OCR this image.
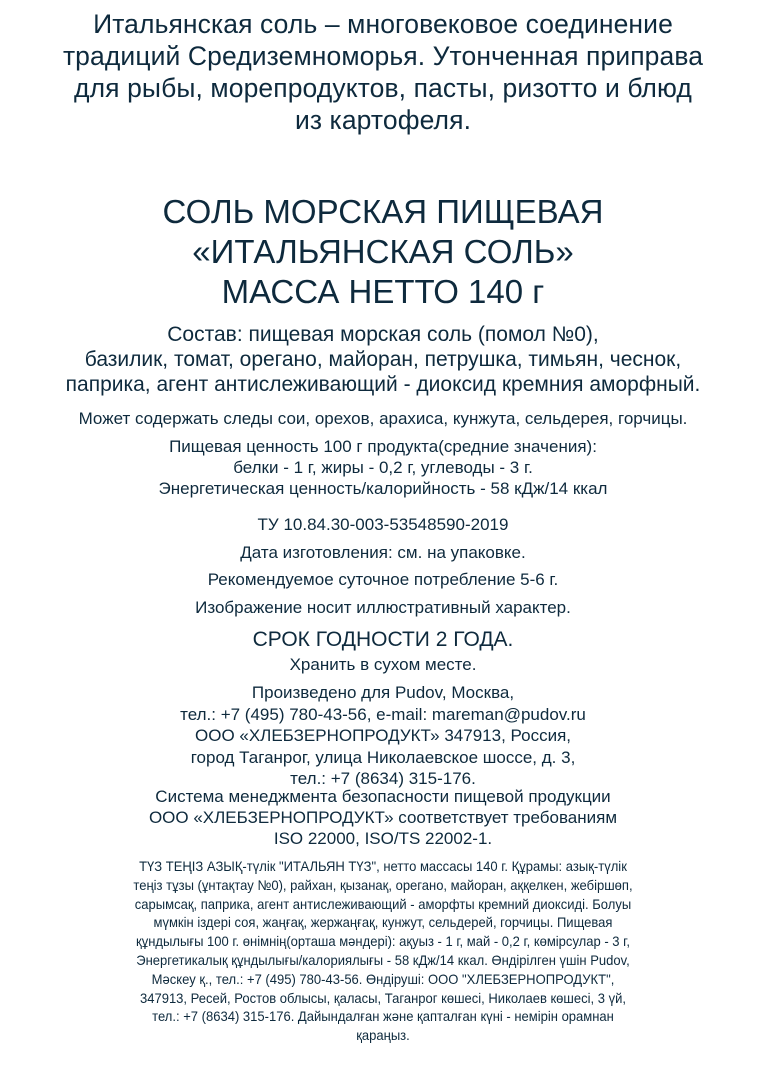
Итальянская соль – многовековое соединение
традиций Средиземноморья. Утонченная приправа
для рыбы, морепродуктов, пасты, ризотто и блюд
из картофеля.
СОЛЬ МОРСКАЯ ПИЩЕВАЯ
«ИТАЛЬЯНСКАЯ СОЛЬ»
МАССА НЕТТО 140 г
Состав: пищевая морская соль (помол №0),
базилик, томат, орегано, майоран, петрушка, тимьян, чеснок,
паприка, агент антислеживающий - диоксид кремния аморфный.
Может содержать следы сои, орехов, арахиса, кунжута, сельдерея, горчицы.
Пищевая ценность 100 г продукта(средние значения):
белки - 1 г, жиры - 0,2 г, углеводы - 3 г.
Энергетическая ценность/калорийность - 58 кДж/14 ккал
ТУ 10.84.30-003-53548590-2019
Дата изготовления: см. на упаковке.
Рекомендуемое суточное потребление 5-6 г.
Изображение носит иллюстративный характер.
СРОК ГОДНОСТИ 2 ГОДА.
Хранить в сухом месте.
Произведено для Pudov, Москва,
тел.: +7 (495) 780-43-56, e-mail: mareman@pudov.ru
ООО «ХЛЕБЗЕРНОПРОДУКТ» 347913, Россия,
город Таганрог, улица Николаевское шоссе, д. 3,
тел.: +7 (8634) 315-176.
Система менеджмента безопасности пищевой продукции
ООО «ХЛЕБЗЕРНОПРОДУКТ» соответствует требованиям
ISO 22000, ISO/TS 22002-1.
ТҮЗ ТЕҢІЗ АЗЫҚ-түлік "ИТАЛЬЯН ТҮЗ", нетто массасы 140 г. Құрамы: азық-түлік
теңіз тұзы (ұнтақтау №0), райхан, қызанақ, орегано, майоран, аққелкен, жебіршөп,
сарымсақ, паприка, агент антислеживающий - аморфты кремний диоксиді. Болуы
мүмкін іздері соя, жаңғақ, жержаңғақ, кунжут, сельдерей, горчицы. Пищевая
құндылығы 100 г. өнімнің(орташа мәндері): ақуыз - 1 г, май - 0,2 г, көмірсулар - 3 г,
Энергетикалық құндылығы/калориялығы - 58 кДж/14 ккал. Өндірілген үшін Pudov,
Мәскеу қ., тел.: +7 (495) 780-43-56. Өндіруші: ООО "ХЛЕБЗЕРНОПРОДУКТ",
347913, Ресей, Ростов облысы, қаласы, Таганрог көшесі, Николаев көшесі, 3 үй,
тел.: +7 (8634) 315-176. Дайындалған және қапталған күні - немірін орамнан
қараңыз.
